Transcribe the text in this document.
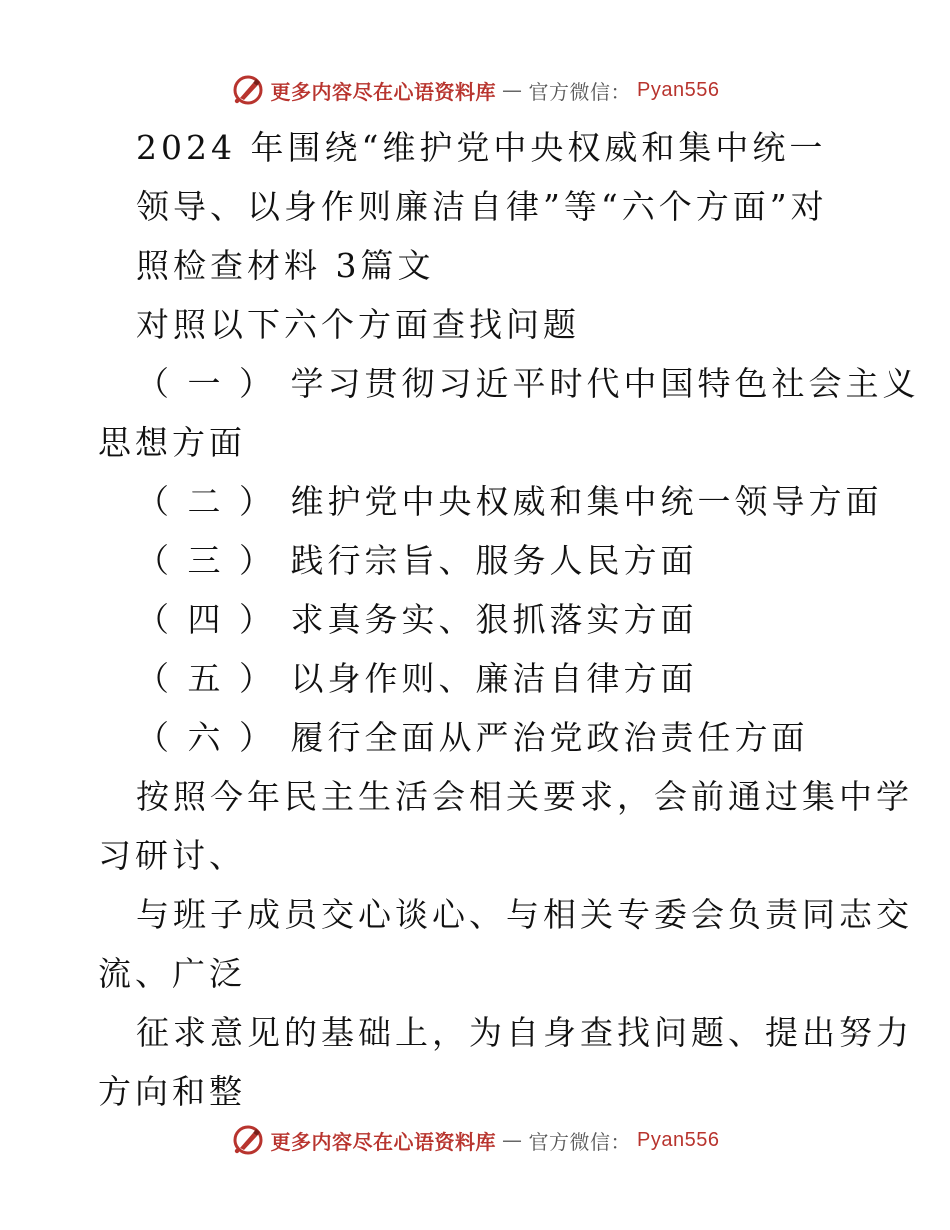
更多内容尽在心语资料库 — 官方微信： Pyan556
2024 年围绕“维护党中央权威和集中统一
领导、以身作则廉洁自律”等“六个方面”对
照检查材料 3篇文
对照以下六个方面查找问题
（ 一 ） 学习贯彻习近平时代中国特色社会主义
思想方面
（ 二 ） 维护党中央权威和集中统一领导方面
（ 三 ） 践行宗旨、服务人民方面
（ 四 ） 求真务实、狠抓落实方面
（ 五 ） 以身作则、廉洁自律方面
（ 六 ） 履行全面从严治党政治责任方面
按照今年民主生活会相关要求，会前通过集中学
习研讨、
与班子成员交心谈心、与相关专委会负责同志交
流、广泛
征求意见的基础上，为自身查找问题、提出努力
方向和整
更多内容尽在心语资料库 — 官方微信： Pyan556
